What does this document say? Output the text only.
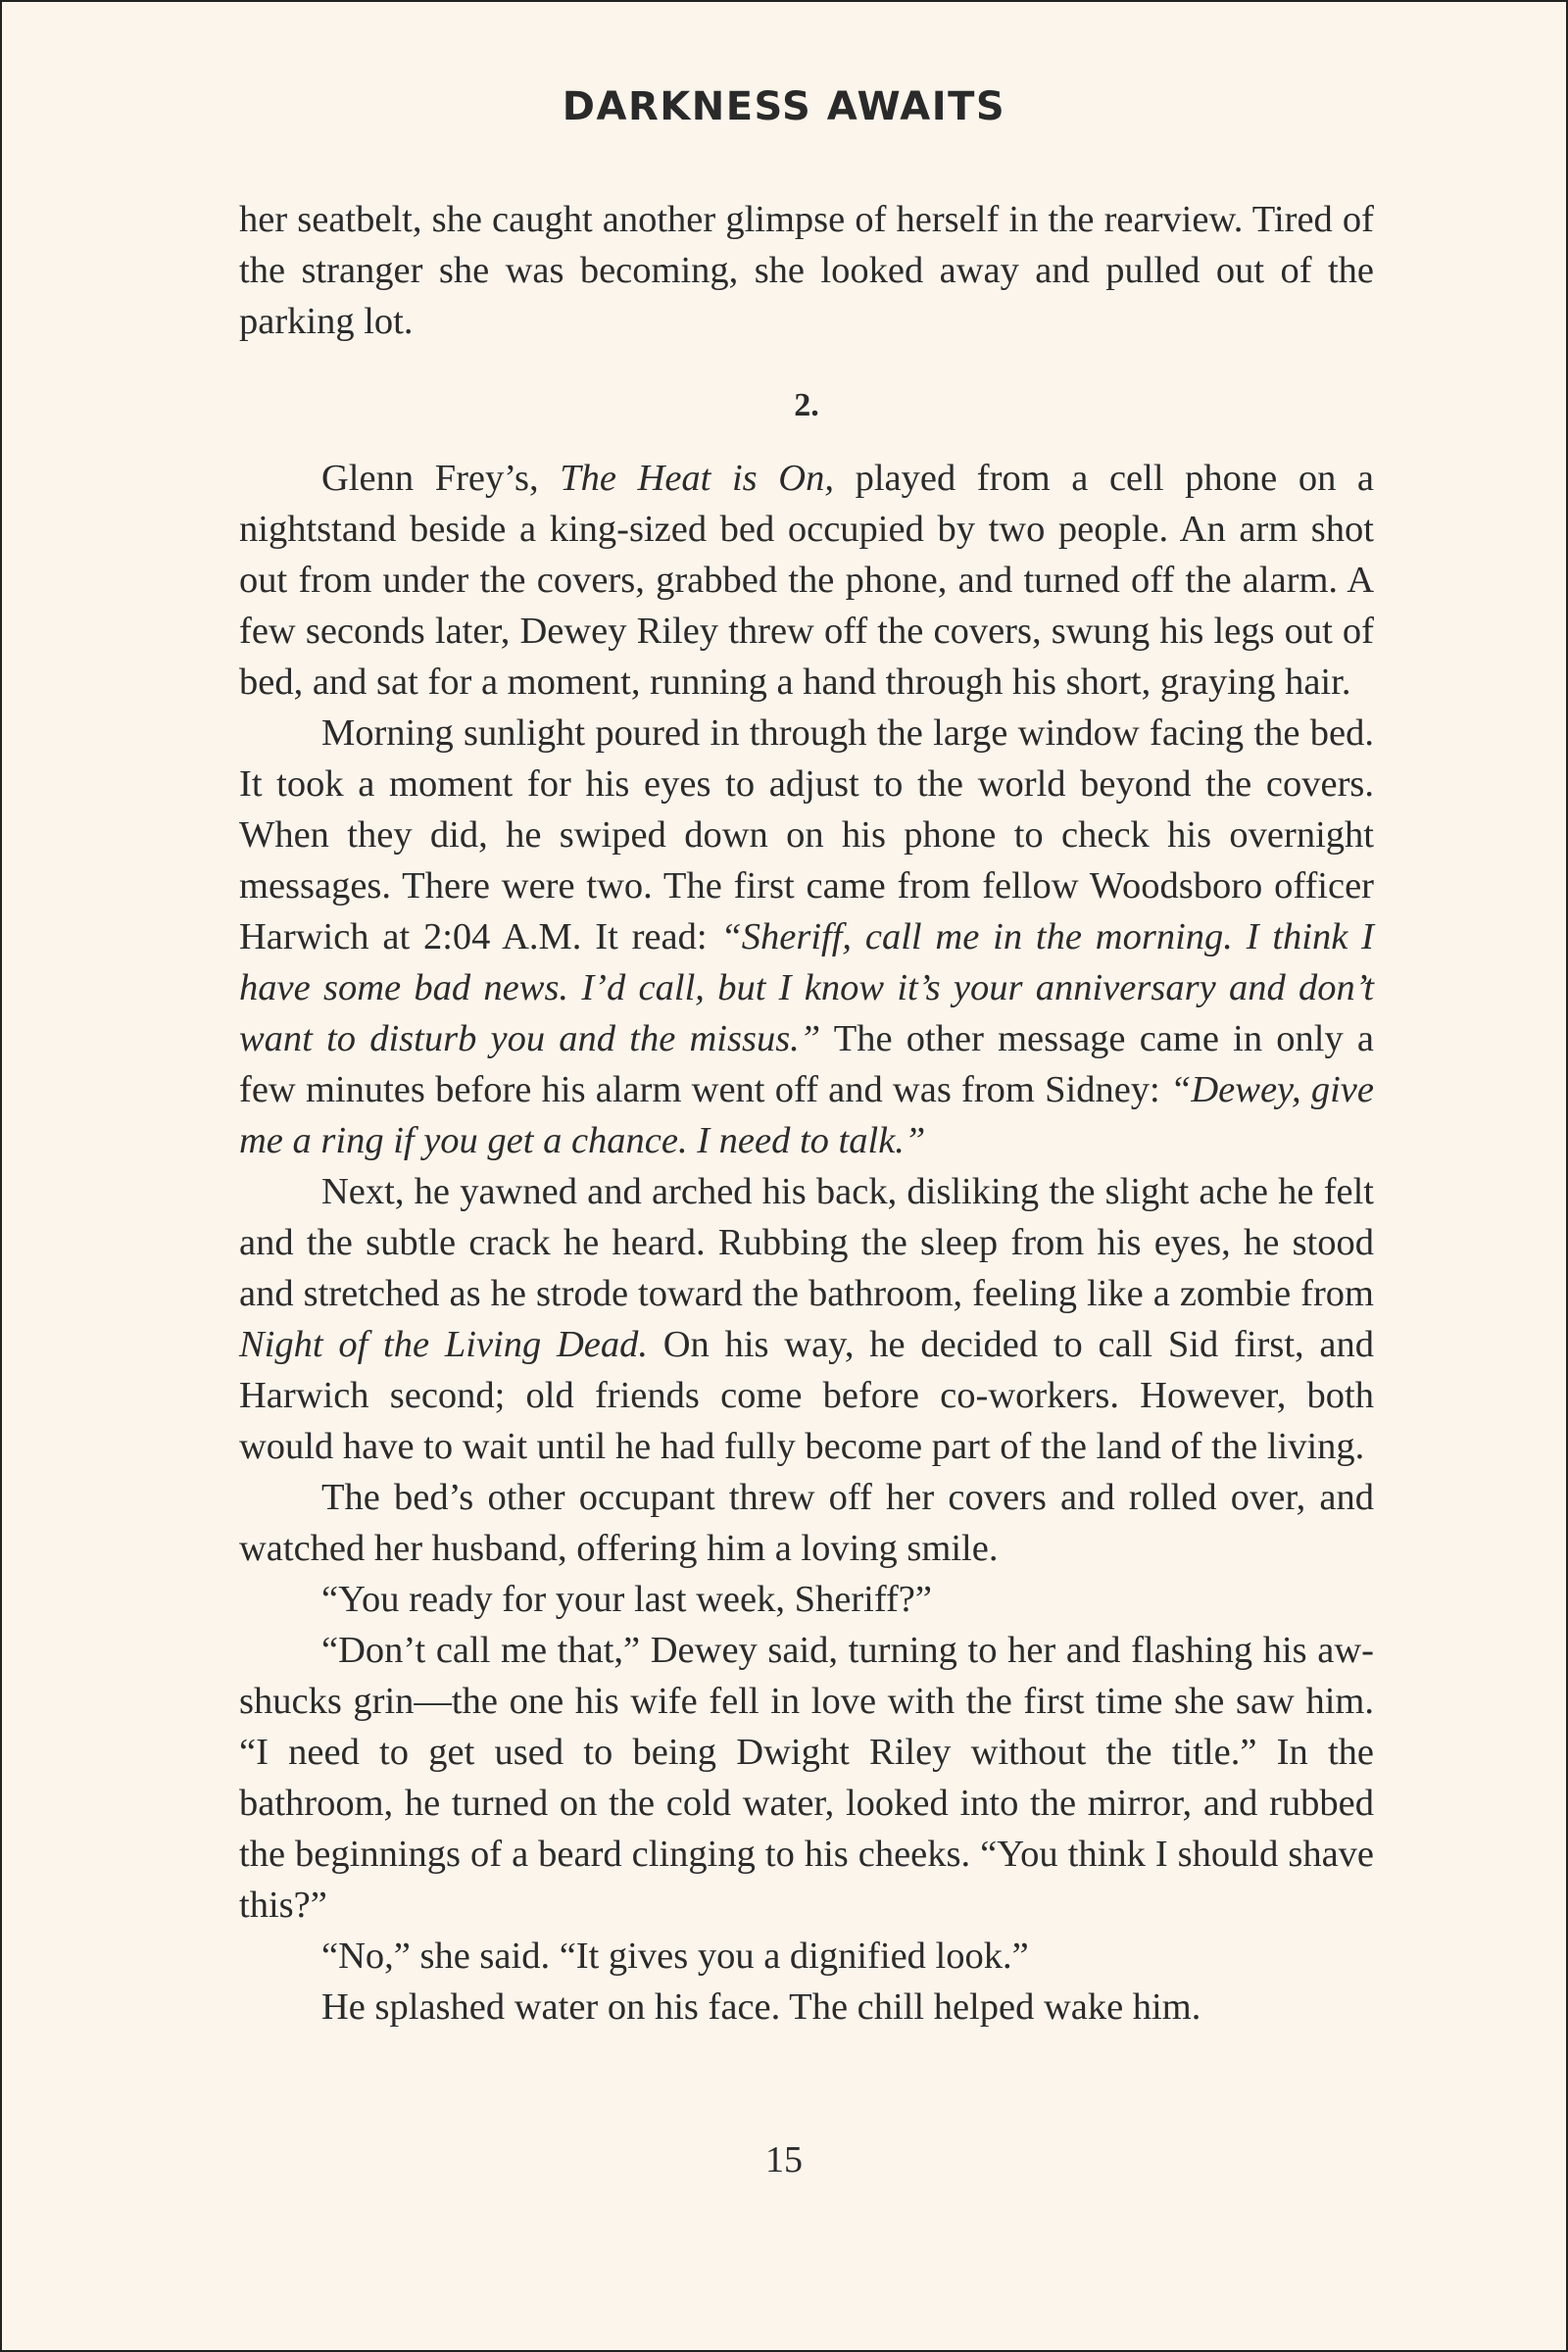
DARKNESS AWAITS

her seatbelt, she caught another glimpse of herself in the rearview. Tired of the stranger she was becoming, she looked away and pulled out of the parking lot.

2.

Glenn Frey’s, The Heat is On, played from a cell phone on a nightstand beside a king-sized bed occupied by two people. An arm shot out from under the covers, grabbed the phone, and turned off the alarm. A few seconds later, Dewey Riley threw off the covers, swung his legs out of bed, and sat for a moment, running a hand through his short, graying hair.

Morning sunlight poured in through the large window facing the bed. It took a moment for his eyes to adjust to the world beyond the covers. When they did, he swiped down on his phone to check his overnight messages. There were two. The first came from fellow Woodsboro officer Harwich at 2:04 A.M. It read: “Sheriff, call me in the morning. I think I have some bad news. I’d call, but I know it’s your anniversary and don’t want to disturb you and the missus.” The other message came in only a few minutes before his alarm went off and was from Sidney: “Dewey, give me a ring if you get a chance. I need to talk.”

Next, he yawned and arched his back, disliking the slight ache he felt and the subtle crack he heard. Rubbing the sleep from his eyes, he stood and stretched as he strode toward the bathroom, feeling like a zombie from Night of the Living Dead. On his way, he decided to call Sid first, and Harwich second; old friends come before co-workers. However, both would have to wait until he had fully become part of the land of the living.

The bed’s other occupant threw off her covers and rolled over, and watched her husband, offering him a loving smile.

“You ready for your last week, Sheriff?”

“Don’t call me that,” Dewey said, turning to her and flashing his aw-shucks grin—the one his wife fell in love with the first time she saw him. “I need to get used to being Dwight Riley without the title.” In the bathroom, he turned on the cold water, looked into the mirror, and rubbed the beginnings of a beard clinging to his cheeks. “You think I should shave this?”

“No,” she said. “It gives you a dignified look.”

He splashed water on his face. The chill helped wake him.

15
